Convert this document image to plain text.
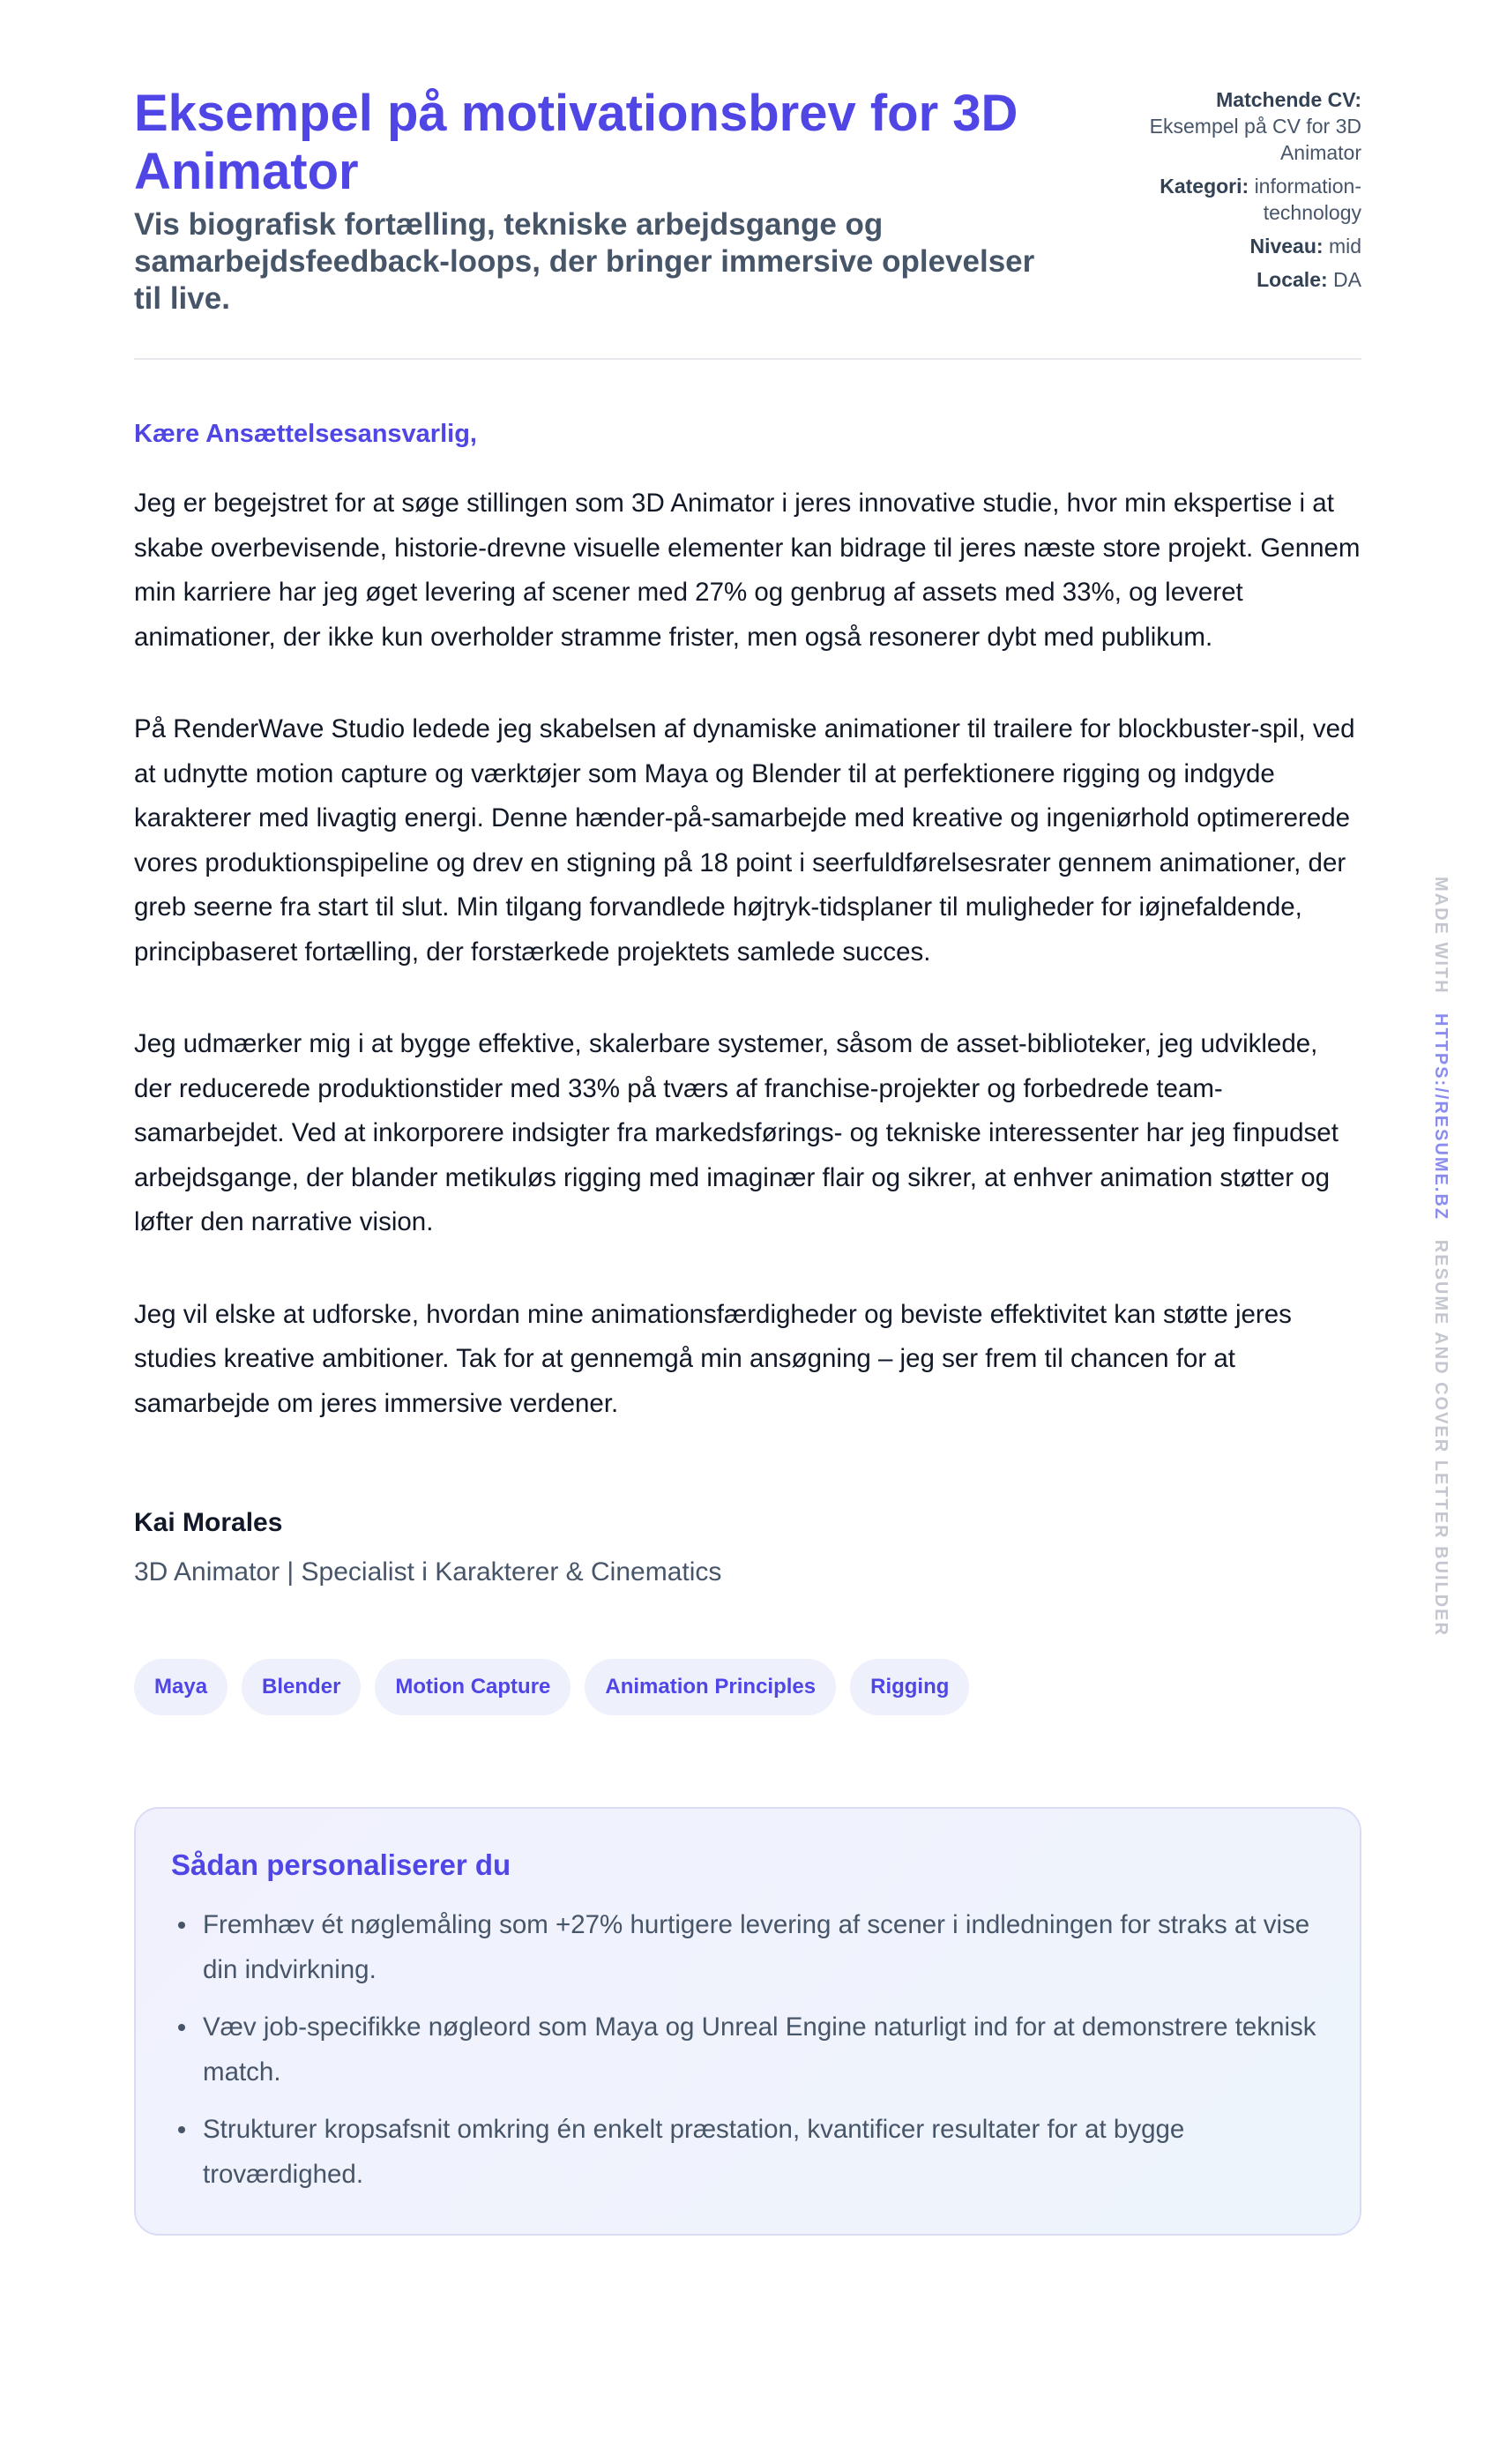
Eksempel på motivationsbrev for 3D Animator

Vis biografisk fortælling, tekniske arbejdsgange og samarbejdsfeedback-loops, der bringer immersive oplevelser til live.

Matchende CV:
Eksempel på CV for 3D Animator
Kategori: information-technology
Niveau: mid
Locale: DA

Kære Ansættelsesansvarlig,

Jeg er begejstret for at søge stillingen som 3D Animator i jeres innovative studie, hvor min ekspertise i at skabe overbevisende, historie-drevne visuelle elementer kan bidrage til jeres næste store projekt. Gennem min karriere har jeg øget levering af scener med 27% og genbrug af assets med 33%, og leveret animationer, der ikke kun overholder stramme frister, men også resonerer dybt med publikum.

På RenderWave Studio ledede jeg skabelsen af dynamiske animationer til trailere for blockbuster-spil, ved at udnytte motion capture og værktøjer som Maya og Blender til at perfektionere rigging og indgyde karakterer med livagtig energi. Denne hænder-på-samarbejde med kreative og ingeniørhold optimererede vores produktionspipeline og drev en stigning på 18 point i seerfuldførelsesrater gennem animationer, der greb seerne fra start til slut. Min tilgang forvandlede højtryk-tidsplaner til muligheder for iøjnefaldende, principbaseret fortælling, der forstærkede projektets samlede succes.

Jeg udmærker mig i at bygge effektive, skalerbare systemer, såsom de asset-biblioteker, jeg udviklede, der reducerede produktionstider med 33% på tværs af franchise-projekter og forbedrede team-samarbejdet. Ved at inkorporere indsigter fra markedsførings- og tekniske interessenter har jeg finpudset arbejdsgange, der blander metikuløs rigging med imaginær flair og sikrer, at enhver animation støtter og løfter den narrative vision.

Jeg vil elske at udforske, hvordan mine animationsfærdigheder og beviste effektivitet kan støtte jeres studies kreative ambitioner. Tak for at gennemgå min ansøgning – jeg ser frem til chancen for at samarbejde om jeres immersive verdener.

Kai Morales
3D Animator | Specialist i Karakterer & Cinematics
Maya	Blender	Motion Capture	Animation Principles	Rigging
Sådan personaliserer du
Fremhæv ét nøglemåling som +27% hurtigere levering af scener i indledningen for straks at vise din indvirkning.
Væv job-specifikke nøgleord som Maya og Unreal Engine naturligt ind for at demonstrere teknisk match.
Strukturer kropsafsnit omkring én enkelt præstation, kvantificer resultater for at bygge troværdighed.
MADE WITH HTTPS://RESUME.BZ RESUME AND COVER LETTER BUILDER
